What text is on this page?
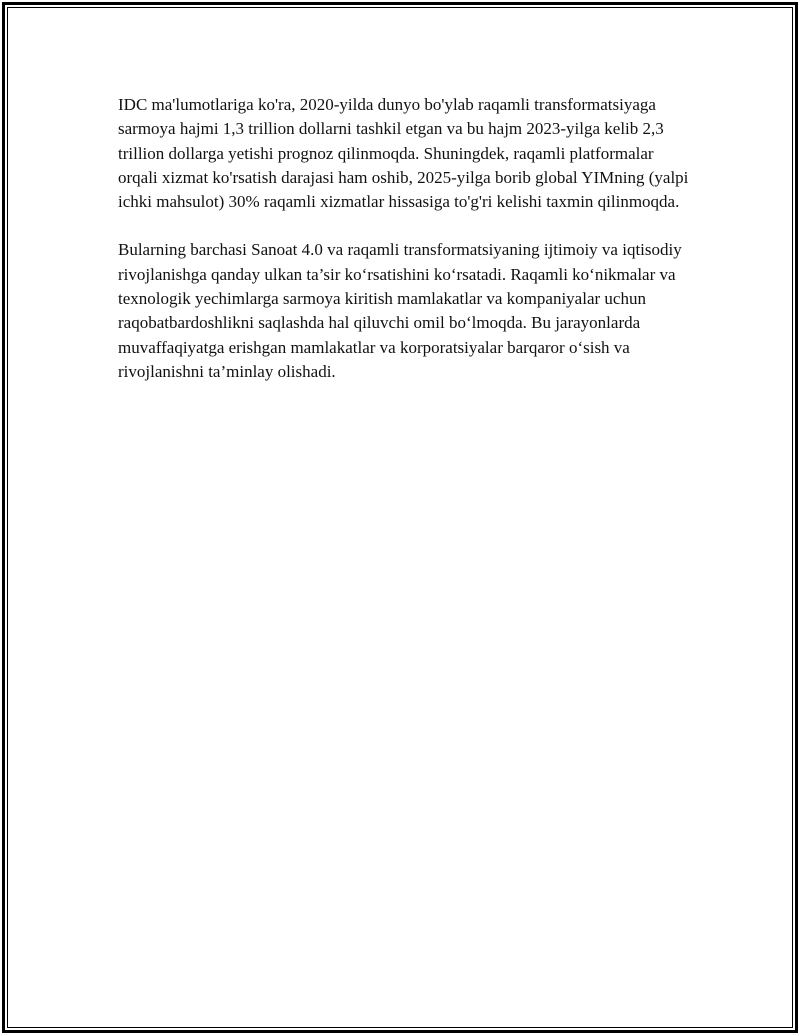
IDC ma'lumotlariga ko'ra, 2020-yilda dunyo bo'ylab raqamli transformatsiyaga sarmoya hajmi 1,3 trillion dollarni tashkil etgan va bu hajm 2023-yilga kelib 2,3 trillion dollarga yetishi prognoz qilinmoqda. Shuningdek, raqamli platformalar orqali xizmat ko'rsatish darajasi ham oshib, 2025-yilga borib global YIMning (yalpi ichki mahsulot) 30% raqamli xizmatlar hissasiga to'g'ri kelishi taxmin qilinmoqda.

Bularning barchasi Sanoat 4.0 va raqamli transformatsiyaning ijtimoiy va iqtisodiy rivojlanishga qanday ulkan ta’sir ko‘rsatishini ko‘rsatadi. Raqamli ko‘nikmalar va texnologik yechimlarga sarmoya kiritish mamlakatlar va kompaniyalar uchun raqobatbardoshlikni saqlashda hal qiluvchi omil bo‘lmoqda. Bu jarayonlarda muvaffaqiyatga erishgan mamlakatlar va korporatsiyalar barqaror o‘sish va rivojlanishni ta’minlay olishadi.
